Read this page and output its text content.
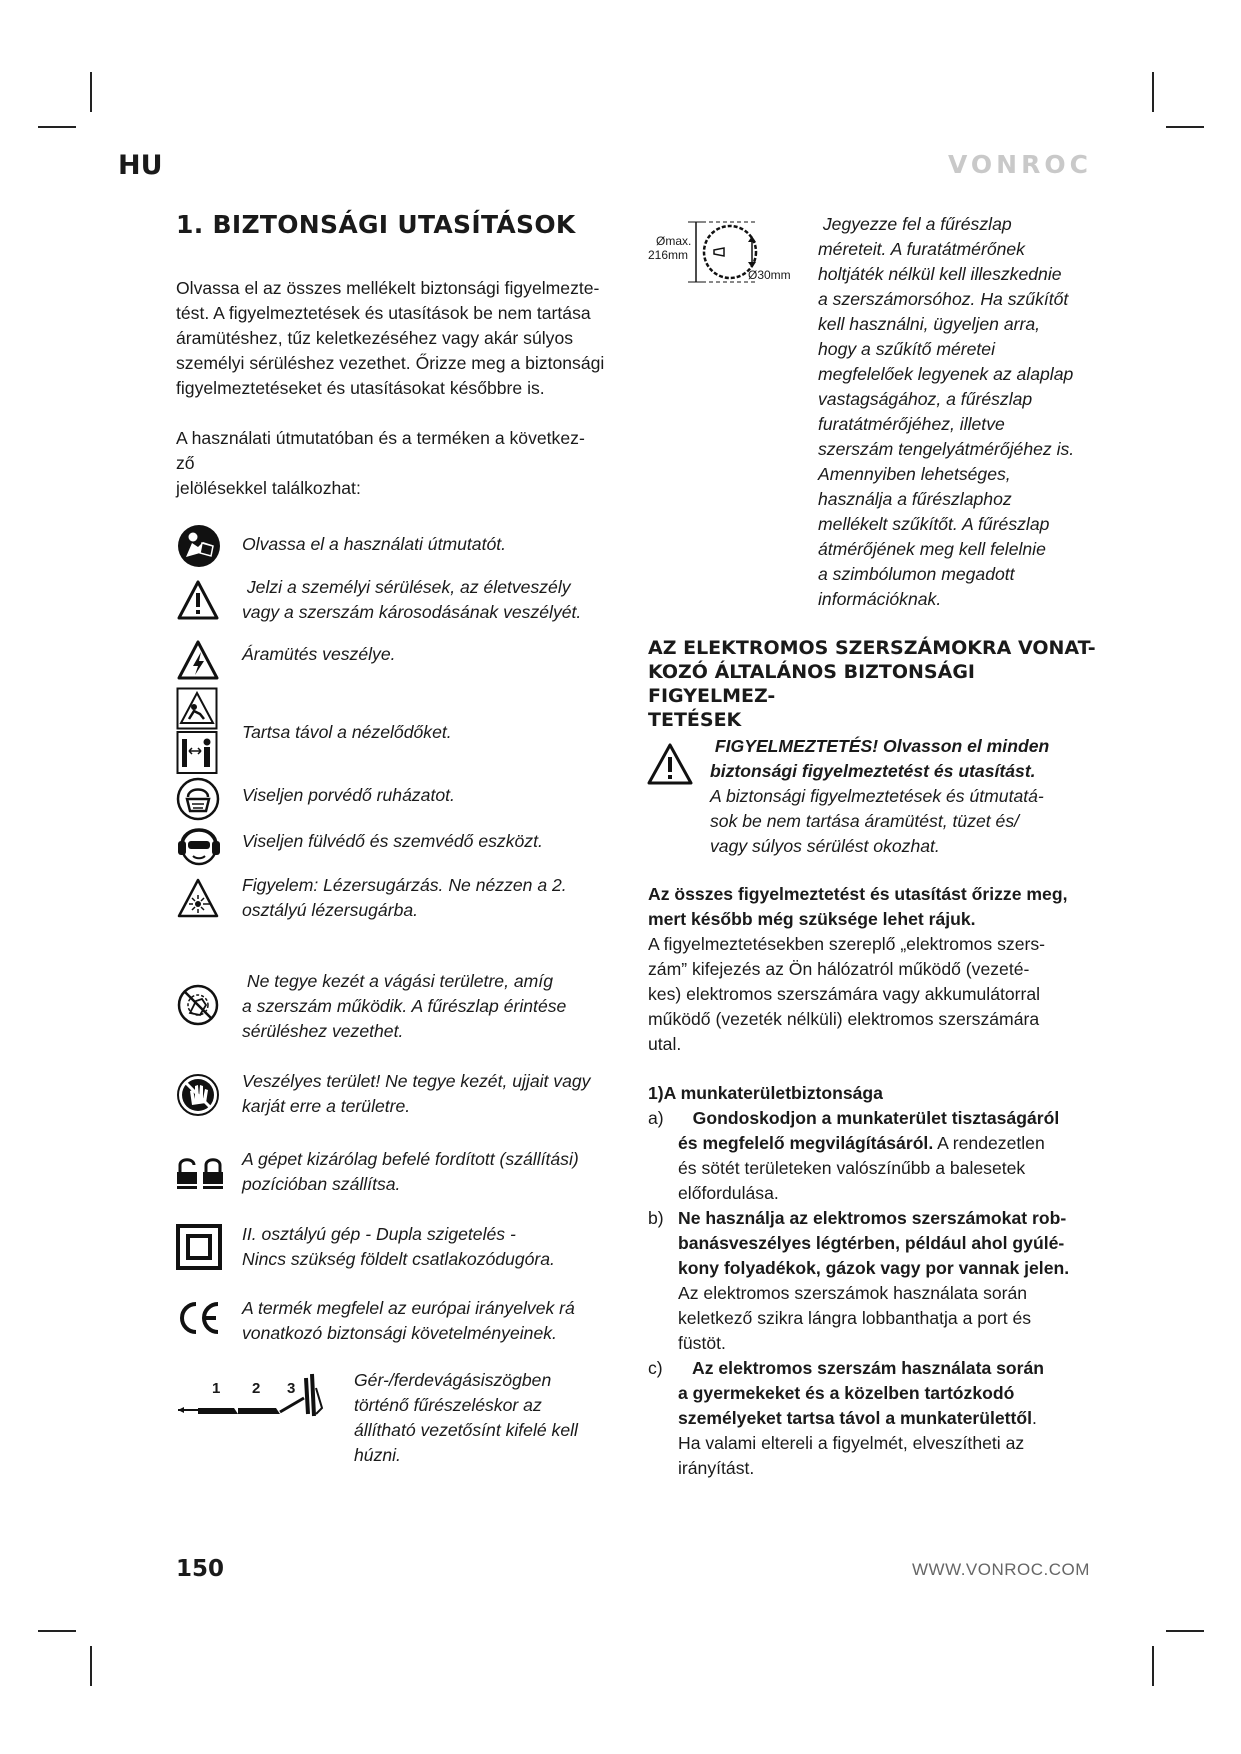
HU	VONROC
1. BIZTONSÁGI UTASÍTÁSOK
Olvassa el az összes mellékelt biztonsági figyelmezte-
tést. A figyelmeztetések és utasítások be nem tartása
áramütéshez, tűz keletkezéséhez vagy akár súlyos
személyi sérüléshez vezethet. Őrizze meg a biztonsági
figyelmeztetéseket és utasításokat későbbre is.
A használati útmutatóban és a terméken a következ-
ző
jelölésekkel találkozhat:
Olvassa el a használati útmutatót.
Jelzi a személyi sérülések, az életveszély
vagy a szerszám károsodásának veszélyét.
Áramütés veszélye.
Tartsa távol a nézelődőket.
Viseljen porvédő ruházatot.
Viseljen fülvédő és szemvédő eszközt.
Figyelem: Lézersugárzás. Ne nézzen a 2.
osztályú lézersugárba.
Ne tegye kezét a vágási területre, amíg
a szerszám működik. A fűrészlap érintése
sérüléshez vezethet.
Veszélyes terület! Ne tegye kezét, ujjait vagy
karját erre a területre.
A gépet kizárólag befelé fordított (szállítási)
pozícióban szállítsa.
II. osztályú gép - Dupla szigetelés -
Nincs szükség földelt csatlakozódugóra.
A termék megfelel az európai irányelvek rá
vonatkozó biztonsági követelményeinek.
1 2 3	Gér-/ferdevágásiszögben
történő fűrészeléskor az
állítható vezetősínt kifelé kell
húzni.
Ømax.
216mm
Ø30mm
Jegyezze fel a fűrészlap
méreteit. A furatátmérőnek
holtjáték nélkül kell illeszkednie
a szerszámorsóhoz. Ha szűkítőt
kell használni, ügyeljen arra,
hogy a szűkítő méretei
megfelelőek legyenek az alaplap
vastagságához, a fűrészlap
furatátmérőjéhez, illetve
szerszám tengelyátmérőjéhez is.
Amennyiben lehetséges,
használja a fűrészlaphoz
mellékelt szűkítőt. A fűrészlap
átmérőjének meg kell felelnie
a szimbólumon megadott
információknak.
AZ ELEKTROMOS SZERSZÁMOKRA VONAT-
KOZÓ ÁLTALÁNOS BIZTONSÁGI FIGYELMEZ-
TETÉSEK
FIGYELMEZTETÉS! Olvasson el minden
biztonsági figyelmeztetést és utasítást.
A biztonsági figyelmeztetések és útmutatá-
sok be nem tartása áramütést, tüzet és/
vagy súlyos sérülést okozhat.
Az összes figyelmeztetést és utasítást őrizze meg,
mert később még szüksége lehet rájuk.
A figyelmeztetésekben szereplő „elektromos szers-
zám” kifejezés az Ön hálózatról működő (vezeté-
kes) elektromos szerszámára vagy akkumulátorral
működő (vezeték nélküli) elektromos szerszámára
utal.
1)A munkaterületbiztonsága
a) Gondoskodjon a munkaterület tisztaságáról
és megfelelő megvilágításáról. A rendezetlen
és sötét területeken valószínűbb a balesetek
előfordulása.
b) Ne használja az elektromos szerszámokat rob-
banásveszélyes légtérben, például ahol gyúlé-
kony folyadékok, gázok vagy por vannak jelen.
Az elektromos szerszámok használata során
keletkező szikra lángra lobbanthatja a port és
füstöt.
c) Az elektromos szerszám használata során
a gyermekeket és a közelben tartózkodó
személyeket tartsa távol a munkaterülettől.
Ha valami eltereli a figyelmét, elveszítheti az
irányítást.
150	WWW.VONROC.COM
